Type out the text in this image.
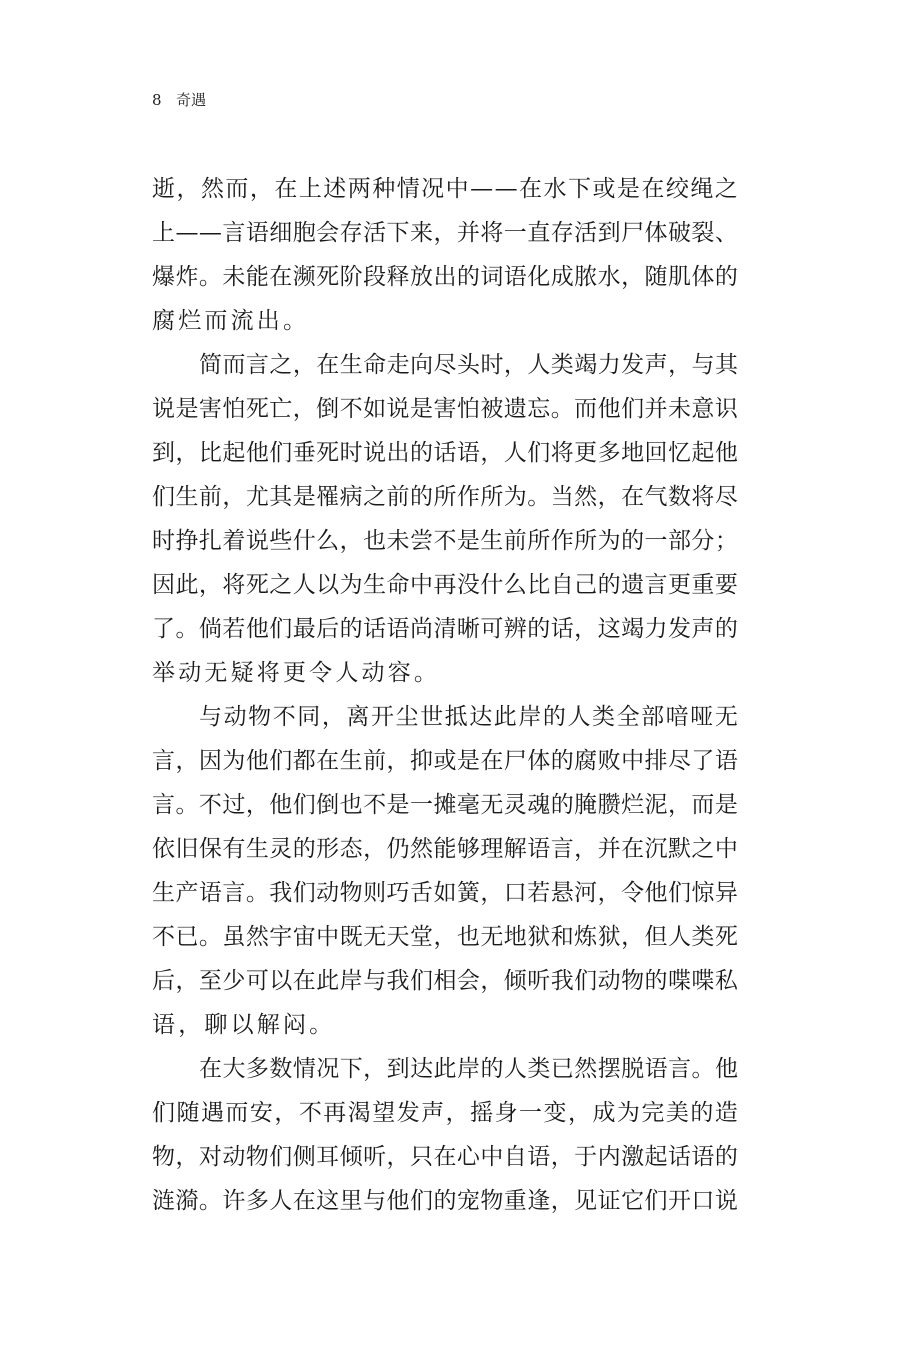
8 奇遇
逝 ， 然 而 ， 在 上 述 两 种 情 况 中 — — 在 水 下 或 是 在 绞 绳 之
上 — — 言 语 细 胞 会 存 活 下 来 ， 并 将 一 直 存 活 到 尸 体 破 裂 、
爆 炸 。 未 能 在 濒 死 阶 段 释 放 出 的 词 语 化 成 脓 水 ， 随 肌 体 的
腐 烂 而 流 出 。
简 而 言 之 ， 在 生 命 走 向 尽 头 时 ， 人 类 竭 力 发 声 ， 与 其
说 是 害 怕 死 亡 ， 倒 不 如 说 是 害 怕 被 遗 忘 。 而 他 们 并 未 意 识
到 ， 比 起 他 们 垂 死 时 说 出 的 话 语 ， 人 们 将 更 多 地 回 忆 起 他
们 生 前 ， 尤 其 是 罹 病 之 前 的 所 作 所 为 。 当 然 ， 在 气 数 将 尽
时 挣 扎 着 说 些 什 么 ， 也 未 尝 不 是 生 前 所 作 所 为 的 一 部 分 ；
因 此 ， 将 死 之 人 以 为 生 命 中 再 没 什 么 比 自 己 的 遗 言 更 重 要
了 。 倘 若 他 们 最 后 的 话 语 尚 清 晰 可 辨 的 话 ， 这 竭 力 发 声 的
举 动 无 疑 将 更 令 人 动 容 。
与 动 物 不 同 ， 离 开 尘 世 抵 达 此 岸 的 人 类 全 部 喑 哑 无
言 ， 因 为 他 们 都 在 生 前 ， 抑 或 是 在 尸 体 的 腐 败 中 排 尽 了 语
言 。 不 过 ， 他 们 倒 也 不 是 一 摊 毫 无 灵 魂 的 腌 臜 烂 泥 ， 而 是
依 旧 保 有 生 灵 的 形 态 ， 仍 然 能 够 理 解 语 言 ， 并 在 沉 默 之 中
生 产 语 言 。 我 们 动 物 则 巧 舌 如 簧 ， 口 若 悬 河 ， 令 他 们 惊 异
不 已 。 虽 然 宇 宙 中 既 无 天 堂 ， 也 无 地 狱 和 炼 狱 ， 但 人 类 死
后 ， 至 少 可 以 在 此 岸 与 我 们 相 会 ， 倾 听 我 们 动 物 的 喋 喋 私
语 ， 聊 以 解 闷 。
在 大 多 数 情 况 下 ， 到 达 此 岸 的 人 类 已 然 摆 脱 语 言 。 他
们 随 遇 而 安 ， 不 再 渴 望 发 声 ， 摇 身 一 变 ， 成 为 完 美 的 造
物 ， 对 动 物 们 侧 耳 倾 听 ， 只 在 心 中 自 语 ， 于 内 激 起 话 语 的
涟 漪 。 许 多 人 在 这 里 与 他 们 的 宠 物 重 逢 ， 见 证 它 们 开 口 说
